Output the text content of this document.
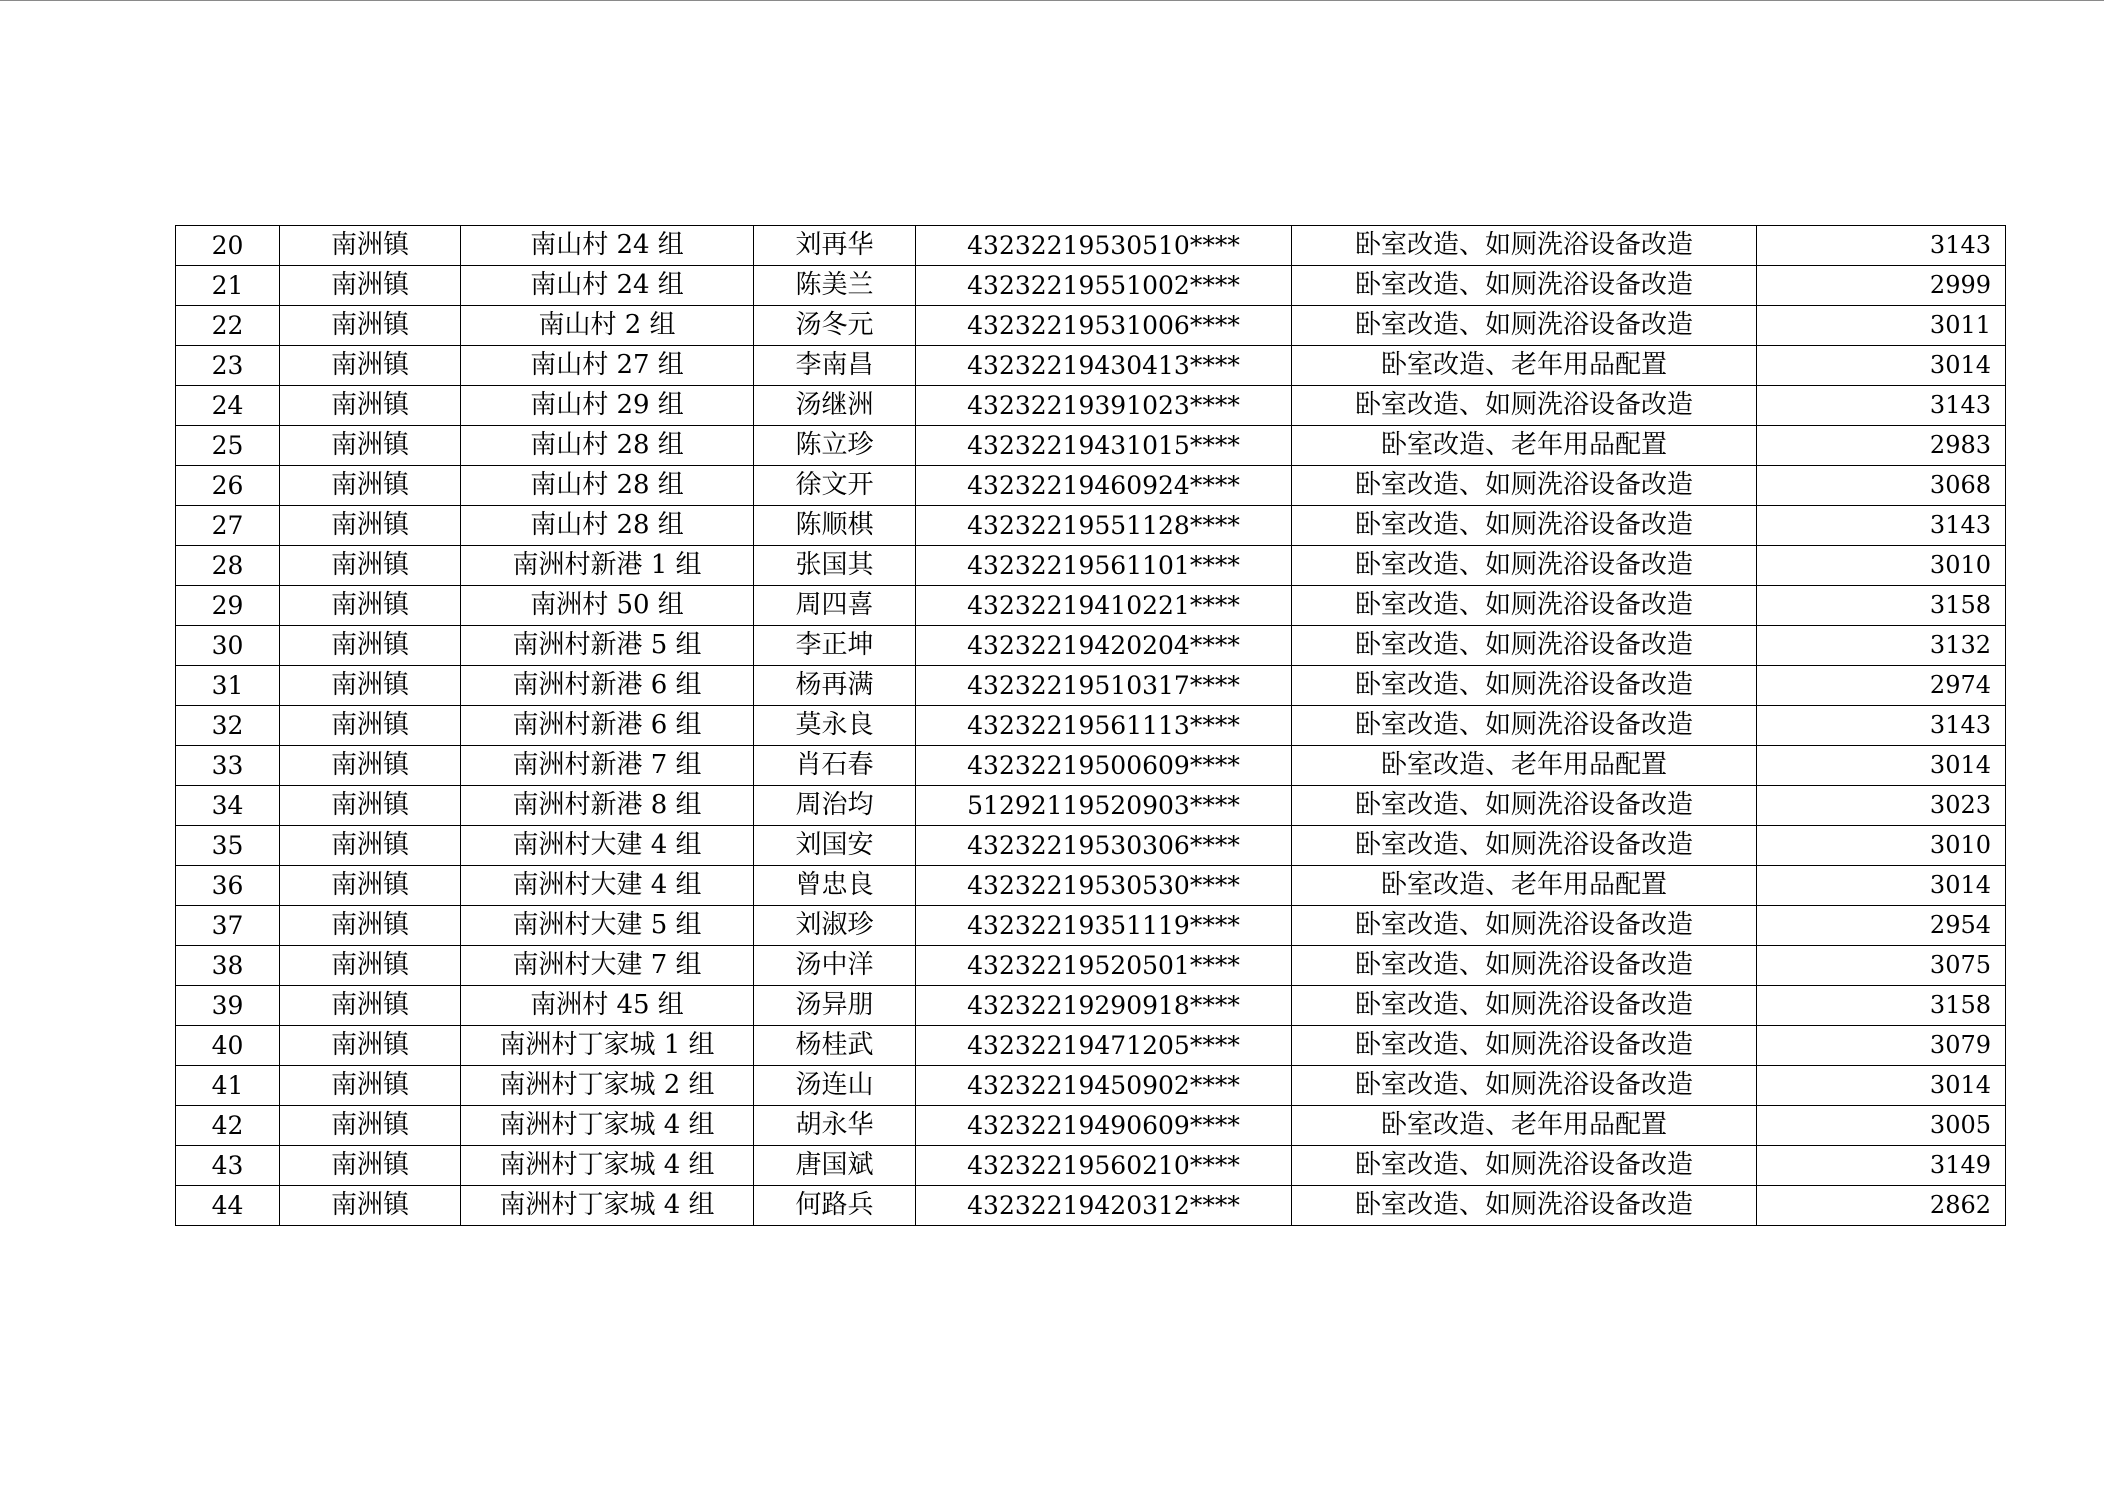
20	南洲镇	南山村 24 组	刘再华	43232219530510****	卧室改造、如厕洗浴设备改造	3143
21	南洲镇	南山村 24 组	陈美兰	43232219551002****	卧室改造、如厕洗浴设备改造	2999
22	南洲镇	南山村 2 组	汤冬元	43232219531006****	卧室改造、如厕洗浴设备改造	3011
23	南洲镇	南山村 27 组	李南昌	43232219430413****	卧室改造、老年用品配置	3014
24	南洲镇	南山村 29 组	汤继洲	43232219391023****	卧室改造、如厕洗浴设备改造	3143
25	南洲镇	南山村 28 组	陈立珍	43232219431015****	卧室改造、老年用品配置	2983
26	南洲镇	南山村 28 组	徐文开	43232219460924****	卧室改造、如厕洗浴设备改造	3068
27	南洲镇	南山村 28 组	陈顺棋	43232219551128****	卧室改造、如厕洗浴设备改造	3143
28	南洲镇	南洲村新港 1 组	张国其	43232219561101****	卧室改造、如厕洗浴设备改造	3010
29	南洲镇	南洲村 50 组	周四喜	43232219410221****	卧室改造、如厕洗浴设备改造	3158
30	南洲镇	南洲村新港 5 组	李正坤	43232219420204****	卧室改造、如厕洗浴设备改造	3132
31	南洲镇	南洲村新港 6 组	杨再满	43232219510317****	卧室改造、如厕洗浴设备改造	2974
32	南洲镇	南洲村新港 6 组	莫永良	43232219561113****	卧室改造、如厕洗浴设备改造	3143
33	南洲镇	南洲村新港 7 组	肖石春	43232219500609****	卧室改造、老年用品配置	3014
34	南洲镇	南洲村新港 8 组	周治均	51292119520903****	卧室改造、如厕洗浴设备改造	3023
35	南洲镇	南洲村大建 4 组	刘国安	43232219530306****	卧室改造、如厕洗浴设备改造	3010
36	南洲镇	南洲村大建 4 组	曾忠良	43232219530530****	卧室改造、老年用品配置	3014
37	南洲镇	南洲村大建 5 组	刘淑珍	43232219351119****	卧室改造、如厕洗浴设备改造	2954
38	南洲镇	南洲村大建 7 组	汤中洋	43232219520501****	卧室改造、如厕洗浴设备改造	3075
39	南洲镇	南洲村 45 组	汤异朋	43232219290918****	卧室改造、如厕洗浴设备改造	3158
40	南洲镇	南洲村丁家城 1 组	杨桂武	43232219471205****	卧室改造、如厕洗浴设备改造	3079
41	南洲镇	南洲村丁家城 2 组	汤连山	43232219450902****	卧室改造、如厕洗浴设备改造	3014
42	南洲镇	南洲村丁家城 4 组	胡永华	43232219490609****	卧室改造、老年用品配置	3005
43	南洲镇	南洲村丁家城 4 组	唐国斌	43232219560210****	卧室改造、如厕洗浴设备改造	3149
44	南洲镇	南洲村丁家城 4 组	何路兵	43232219420312****	卧室改造、如厕洗浴设备改造	2862
